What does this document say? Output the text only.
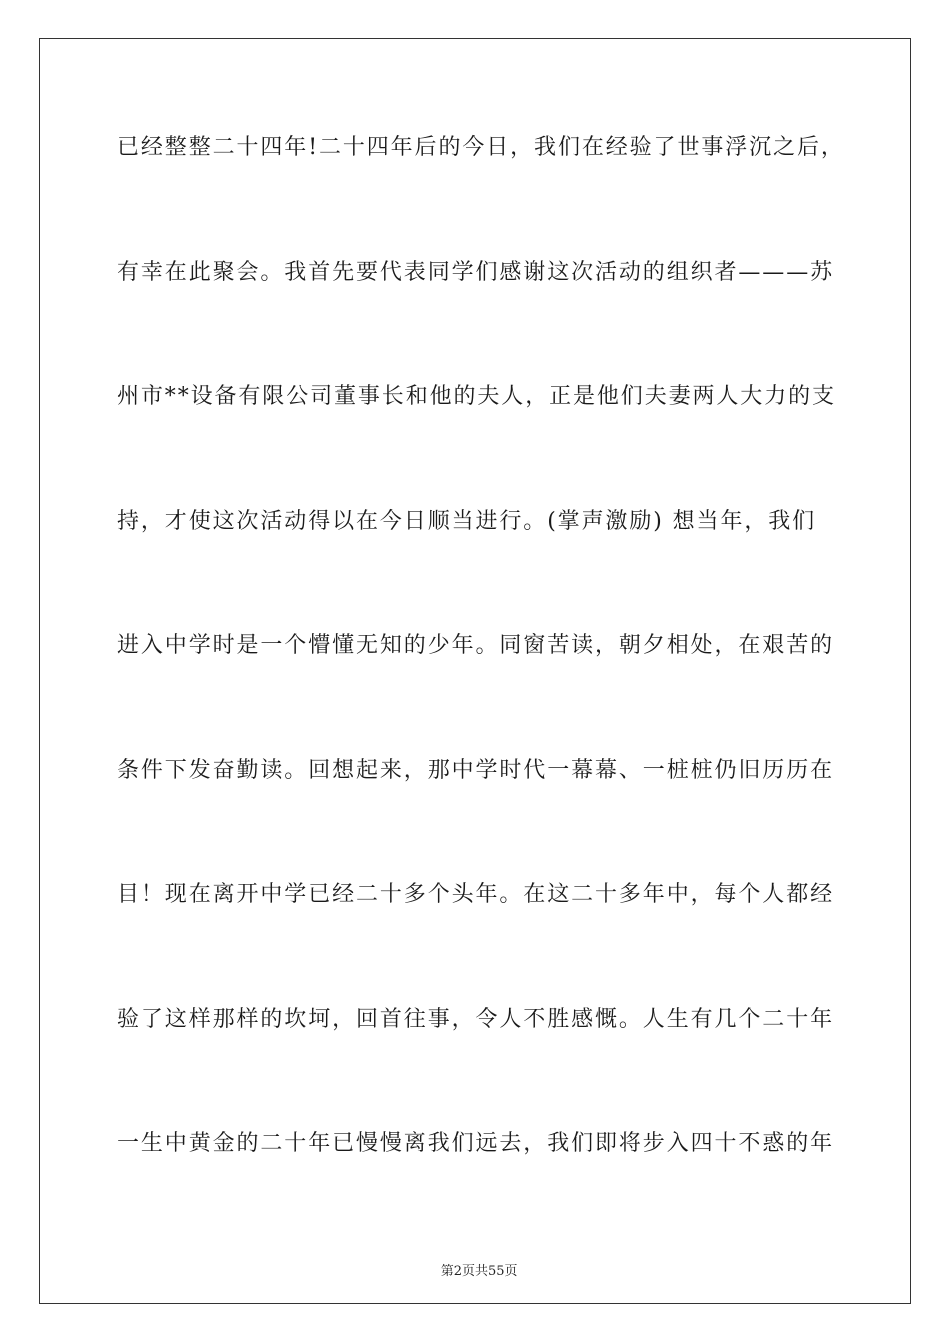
已经整整二十四年!二十四年后的今日，我们在经验了世事浮沉之后，
有幸在此聚会。我首先要代表同学们感谢这次活动的组织者———苏
州市**设备有限公司董事长和他的夫人，正是他们夫妻两人大力的支
持，才使这次活动得以在今日顺当进行。(掌声激励) 想当年，我们
进入中学时是一个懵懂无知的少年。同窗苦读，朝夕相处，在艰苦的
条件下发奋勤读。回想起来，那中学时代一幕幕、一桩桩仍旧历历在
目！现在离开中学已经二十多个头年。在这二十多年中，每个人都经
验了这样那样的坎坷，回首往事，令人不胜感慨。人生有几个二十年
一生中黄金的二十年已慢慢离我们远去，我们即将步入四十不惑的年

第2页共55页
